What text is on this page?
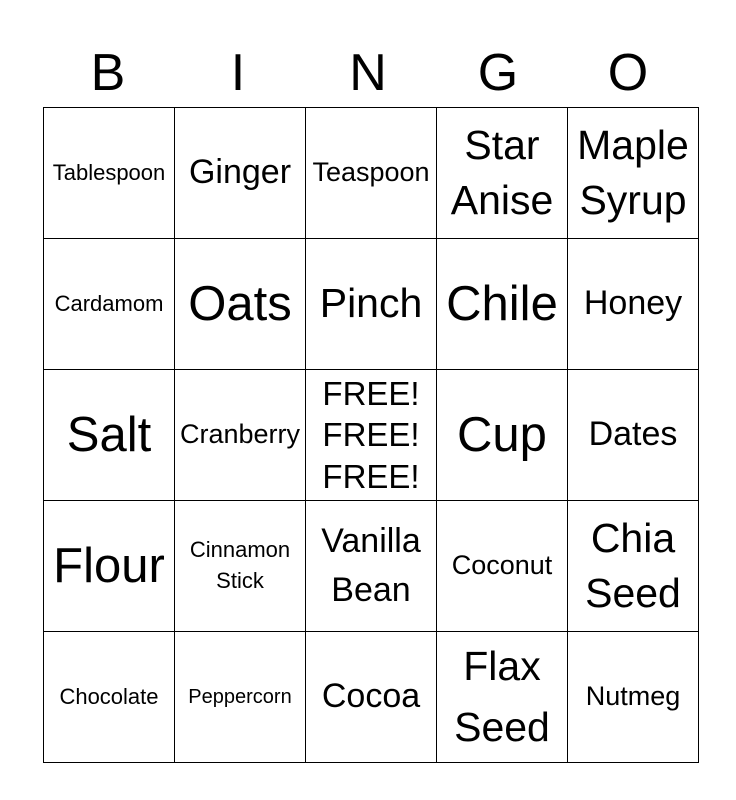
B	I	N	G	O
Tablespoon	Ginger	Teaspoon	Star Anise	Maple Syrup

Cardamom	Oats	Pinch	Chile	Honey

Salt	Cranberry	FREE! FREE! FREE!	Cup	Dates

Flour	Cinnamon Stick	Vanilla Bean	Coconut	Chia Seed

Chocolate	Peppercorn	Cocoa	Flax Seed	Nutmeg
